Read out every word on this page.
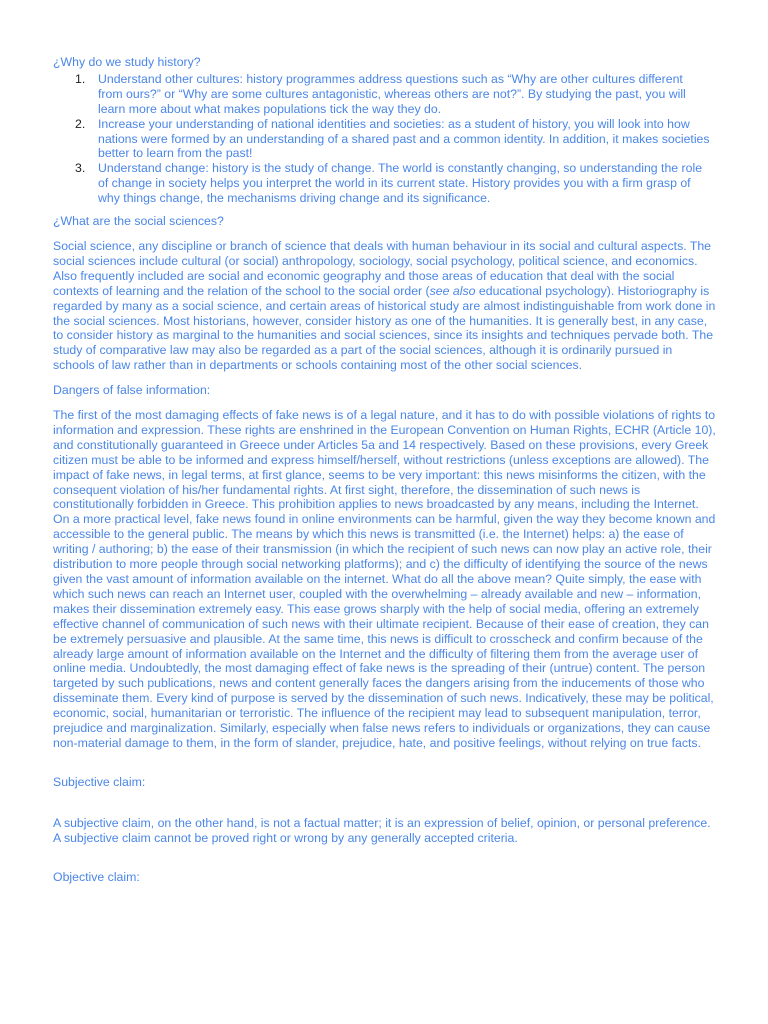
¿Why do we study history?
1. Understand other cultures: history programmes address questions such as “Why are other cultures different from ours?” or “Why are some cultures antagonistic, whereas others are not?”. By studying the past, you will learn more about what makes populations tick the way they do.
2. Increase your understanding of national identities and societies: as a student of history, you will look into how nations were formed by an understanding of a shared past and a common identity. In addition, it makes societies better to learn from the past!
3. Understand change: history is the study of change. The world is constantly changing, so understanding the role of change in society helps you interpret the world in its current state. History provides you with a firm grasp of why things change, the mechanisms driving change and its significance.
¿What are the social sciences?

Social science, any discipline or branch of science that deals with human behaviour in its social and cultural aspects. The social sciences include cultural (or social) anthropology, sociology, social psychology, political science, and economics. Also frequently included are social and economic geography and those areas of education that deal with the social contexts of learning and the relation of the school to the social order (see also educational psychology). Historiography is regarded by many as a social science, and certain areas of historical study are almost indistinguishable from work done in the social sciences. Most historians, however, consider history as one of the humanities. It is generally best, in any case, to consider history as marginal to the humanities and social sciences, since its insights and techniques pervade both. The study of comparative law may also be regarded as a part of the social sciences, although it is ordinarily pursued in schools of law rather than in departments or schools containing most of the other social sciences.

Dangers of false information:

The first of the most damaging effects of fake news is of a legal nature, and it has to do with possible violations of rights to information and expression. These rights are enshrined in the European Convention on Human Rights, ECHR (Article 10), and constitutionally guaranteed in Greece under Articles 5a and 14 respectively. Based on these provisions, every Greek citizen must be able to be informed and express himself/herself, without restrictions (unless exceptions are allowed). The impact of fake news, in legal terms, at first glance, seems to be very important: this news misinforms the citizen, with the consequent violation of his/her fundamental rights. At first sight, therefore, the dissemination of such news is constitutionally forbidden in Greece. This prohibition applies to news broadcasted by any means, including the Internet. On a more practical level, fake news found in online environments can be harmful, given the way they become known and accessible to the general public. The means by which this news is transmitted (i.e. the Internet) helps: a) the ease of writing / authoring; b) the ease of their transmission (in which the recipient of such news can now play an active role, their distribution to more people through social networking platforms); and c) the difficulty of identifying the source of the news given the vast amount of information available on the internet. What do all the above mean? Quite simply, the ease with which such news can reach an Internet user, coupled with the overwhelming – already available and new – information, makes their dissemination extremely easy. This ease grows sharply with the help of social media, offering an extremely effective channel of communication of such news with their ultimate recipient. Because of their ease of creation, they can be extremely persuasive and plausible. At the same time, this news is difficult to crosscheck and confirm because of the already large amount of information available on the Internet and the difficulty of filtering them from the average user of online media. Undoubtedly, the most damaging effect of fake news is the spreading of their (untrue) content. The person targeted by such publications, news and content generally faces the dangers arising from the inducements of those who disseminate them. Every kind of purpose is served by the dissemination of such news. Indicatively, these may be political, economic, social, humanitarian or terroristic. The influence of the recipient may lead to subsequent manipulation, terror, prejudice and marginalization. Similarly, especially when false news refers to individuals or organizations, they can cause non-material damage to them, in the form of slander, prejudice, hate, and positive feelings, without relying on true facts.

Subjective claim:

A subjective claim, on the other hand, is not a factual matter; it is an expression of belief, opinion, or personal preference. A subjective claim cannot be proved right or wrong by any generally accepted criteria.

Objective claim:
